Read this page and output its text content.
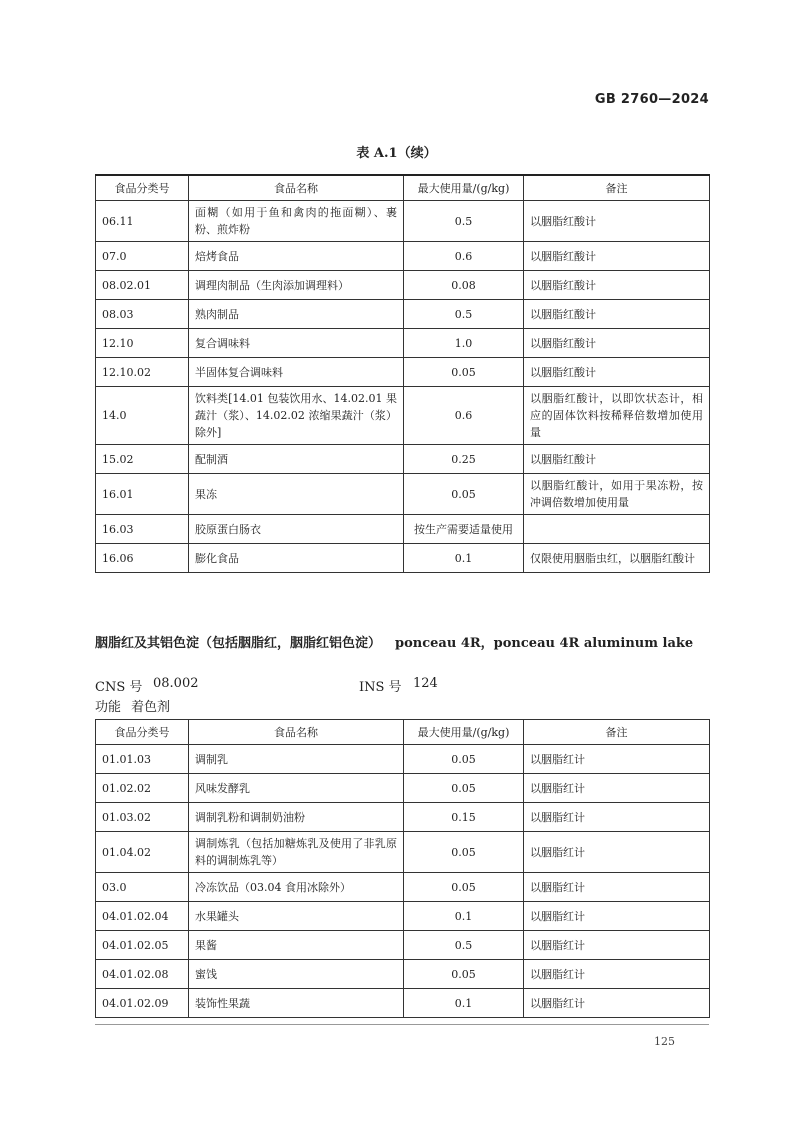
GB 2760—2024
表 A.1（续）
食品分类号	食品名称	最大使用量/(g/kg)	备注
06.11	面糊（如用于鱼和禽肉的拖面糊）、裹粉、煎炸粉	0.5	以胭脂红酸计
07.0	焙烤食品	0.6	以胭脂红酸计
08.02.01	调理肉制品（生肉添加调理料）	0.08	以胭脂红酸计
08.03	熟肉制品	0.5	以胭脂红酸计
12.10	复合调味料	1.0	以胭脂红酸计
12.10.02	半固体复合调味料	0.05	以胭脂红酸计
14.0	饮料类[14.01 包装饮用水、14.02.01 果蔬汁（浆）、14.02.02 浓缩果蔬汁（浆）除外]	0.6	以胭脂红酸计，以即饮状态计，相应的固体饮料按稀释倍数增加使用量
15.02	配制酒	0.25	以胭脂红酸计
16.01	果冻	0.05	以胭脂红酸计，如用于果冻粉，按冲调倍数增加使用量
16.03	胶原蛋白肠衣	按生产需要适量使用	
16.06	膨化食品	0.1	仅限使用胭脂虫红，以胭脂红酸计
胭脂红及其铝色淀（包括胭脂红，胭脂红铝色淀） ponceau 4R，ponceau 4R aluminum lake
CNS 号 08.002	INS 号 124
功能 着色剂
食品分类号	食品名称	最大使用量/(g/kg)	备注
01.01.03	调制乳	0.05	以胭脂红计
01.02.02	风味发酵乳	0.05	以胭脂红计
01.03.02	调制乳粉和调制奶油粉	0.15	以胭脂红计
01.04.02	调制炼乳（包括加糖炼乳及使用了非乳原料的调制炼乳等）	0.05	以胭脂红计
03.0	冷冻饮品（03.04 食用冰除外）	0.05	以胭脂红计
04.01.02.04	水果罐头	0.1	以胭脂红计
04.01.02.05	果酱	0.5	以胭脂红计
04.01.02.08	蜜饯	0.05	以胭脂红计
04.01.02.09	装饰性果蔬	0.1	以胭脂红计
125
